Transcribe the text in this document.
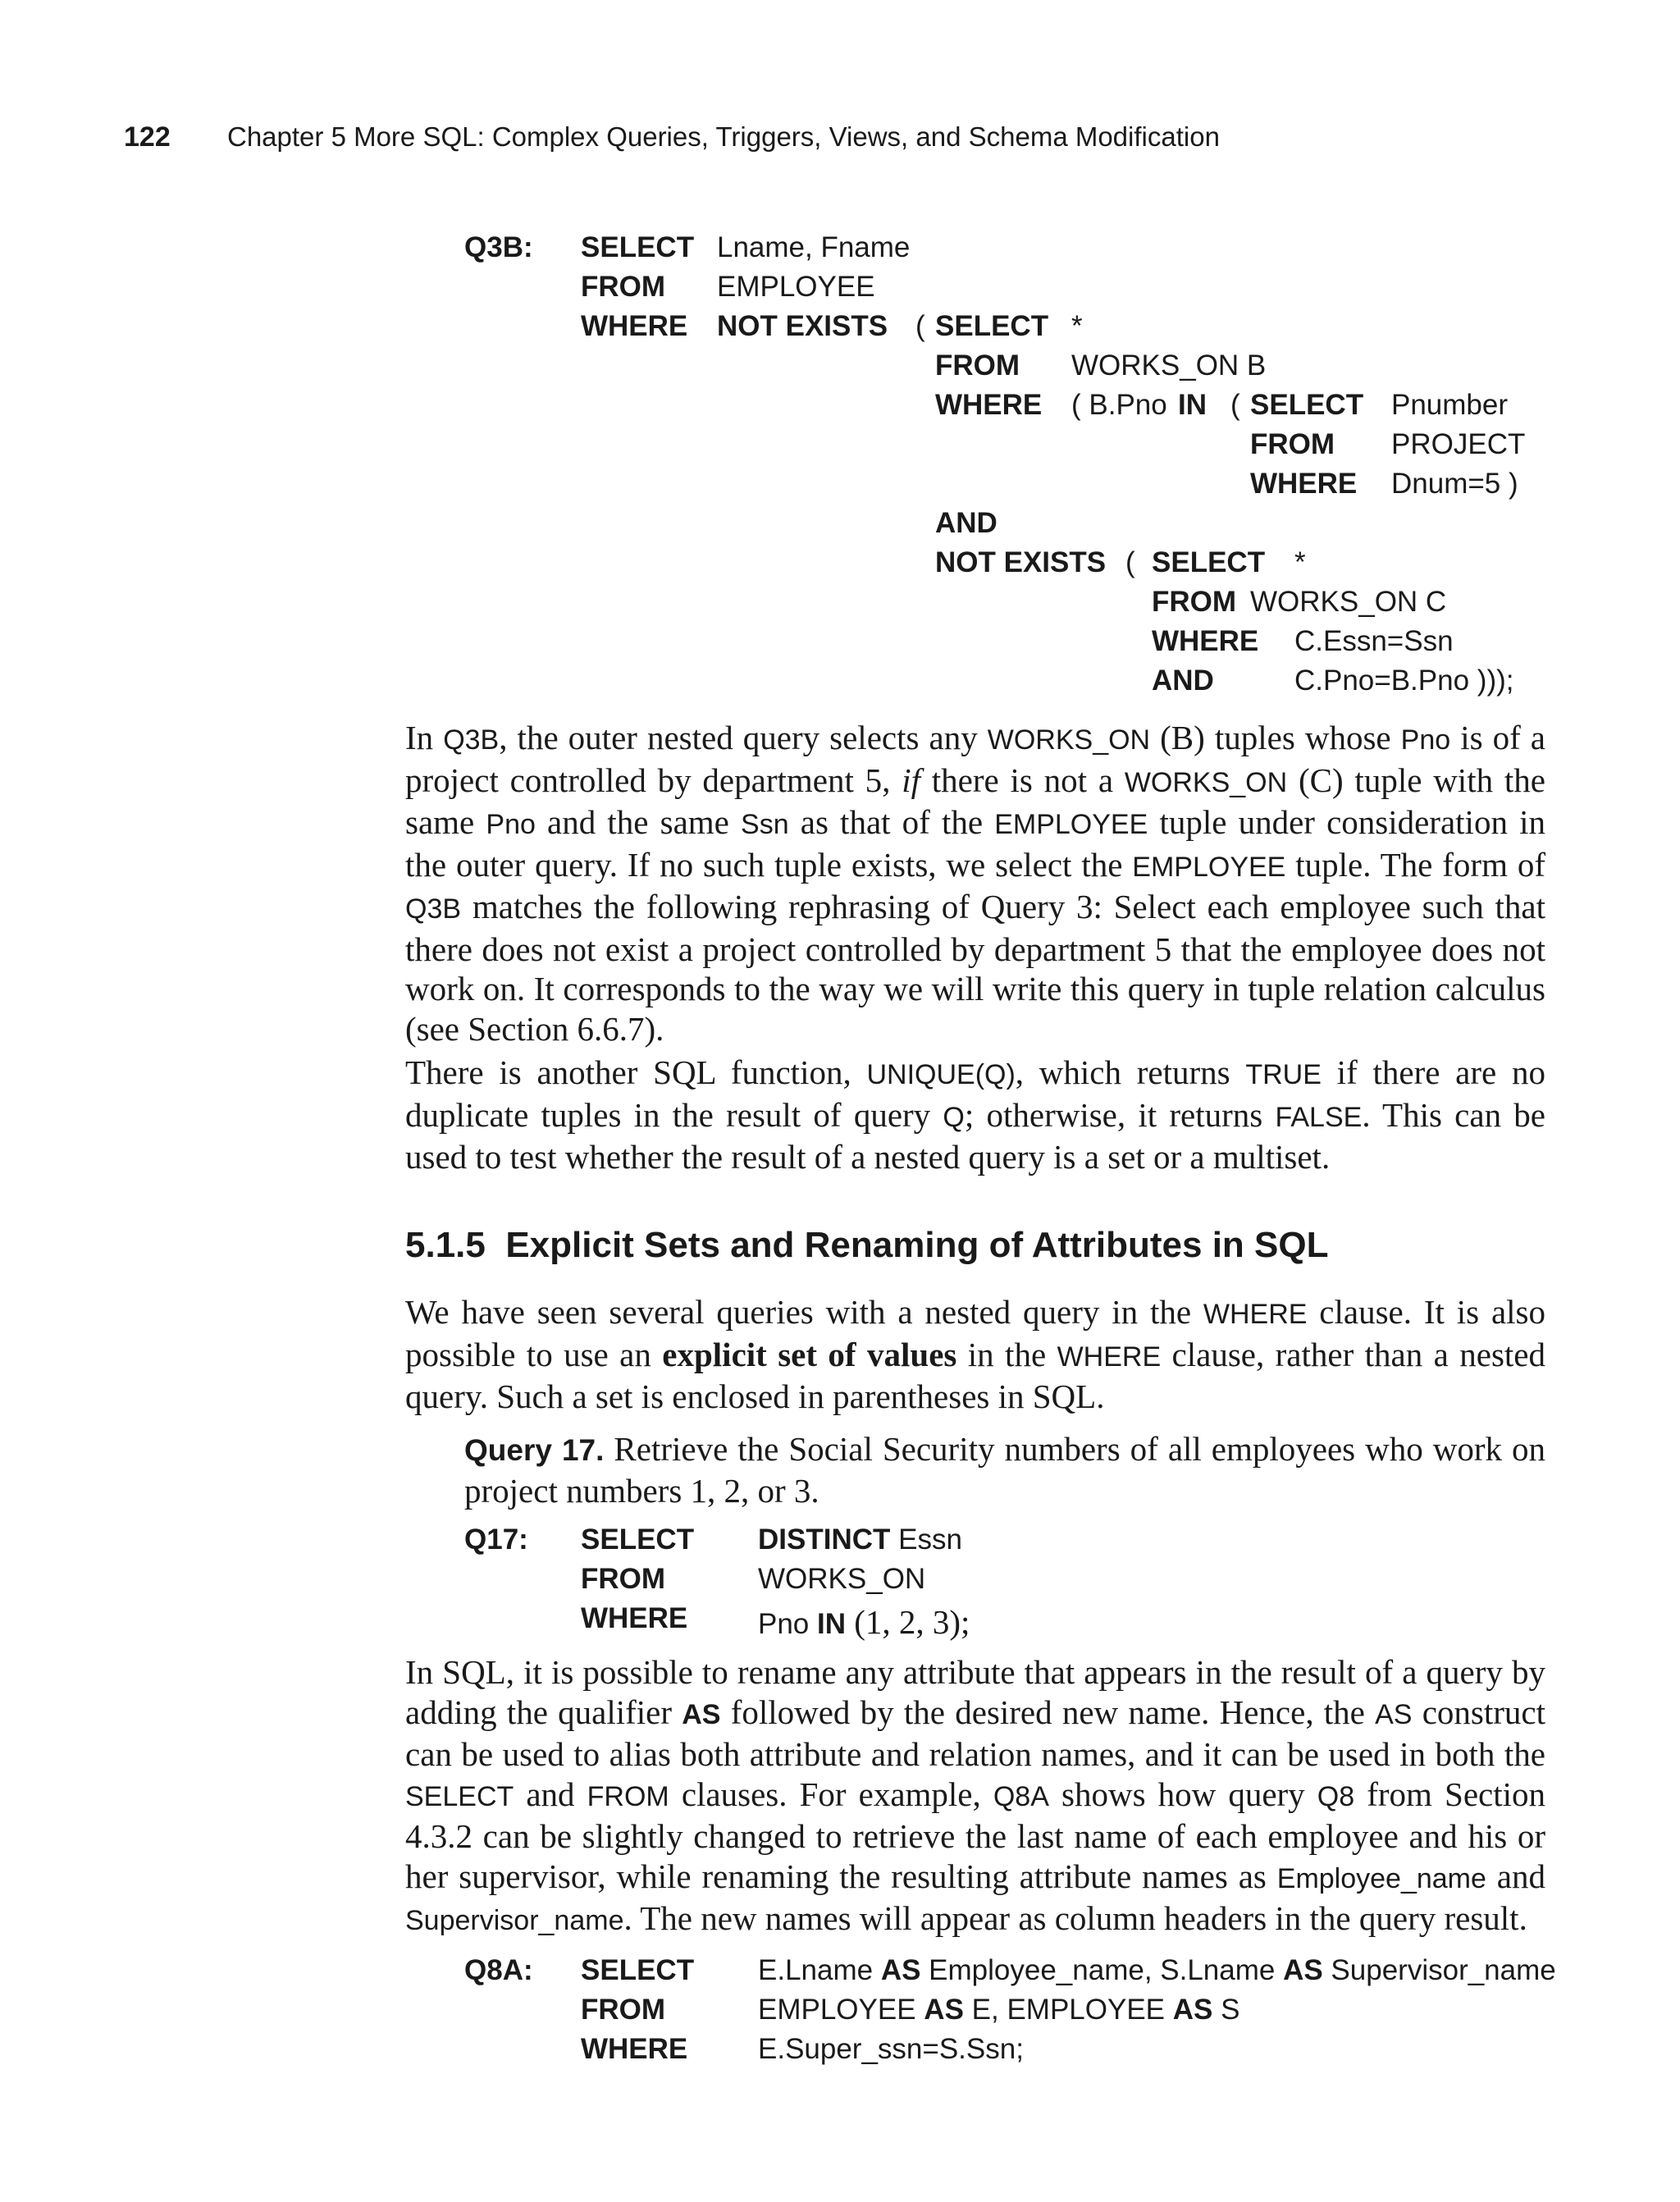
122 Chapter 5 More SQL: Complex Queries, Triggers, Views, and Schema Modification
Q3B: SELECT Lname, Fname
FROM EMPLOYEE
WHERE NOT EXISTS ( SELECT *
FROM WORKS_ON B
WHERE ( B.Pno IN ( SELECT Pnumber
FROM PROJECT
WHERE Dnum=5 )
AND
NOT EXISTS ( SELECT *
FROM WORKS_ON C
WHERE C.Essn=Ssn
AND	C.Pno=B.Pno )));
In Q3B, the outer nested query selects any WORKS_ON (B) tuples whose Pno is of a project controlled by department 5, if there is not a WORKS_ON (C) tuple with the same Pno and the same Ssn as that of the EMPLOYEE tuple under consideration in the outer query. If no such tuple exists, we select the EMPLOYEE tuple. The form of Q3B matches the following rephrasing of Query 3: Select each employee such that there does not exist a project controlled by department 5 that the employee does not work on. It corresponds to the way we will write this query in tuple relation calculus (see Section 6.6.7).
There is another SQL function, UNIQUE(Q), which returns TRUE if there are no duplicate tuples in the result of query Q; otherwise, it returns FALSE. This can be used to test whether the result of a nested query is a set or a multiset.
5.1.5 Explicit Sets and Renaming of Attributes in SQL
We have seen several queries with a nested query in the WHERE clause. It is also possible to use an explicit set of values in the WHERE clause, rather than a nested query. Such a set is enclosed in parentheses in SQL.
Query 17. Retrieve the Social Security numbers of all employees who work on project numbers 1, 2, or 3.
Q17: SELECT DISTINCT Essn
FROM	WORKS_ON
WHERE Pno IN (1, 2, 3);
In SQL, it is possible to rename any attribute that appears in the result of a query by adding the qualifier AS followed by the desired new name. Hence, the AS construct can be used to alias both attribute and relation names, and it can be used in both the SELECT and FROM clauses. For example, Q8A shows how query Q8 from Section 4.3.2 can be slightly changed to retrieve the last name of each employee and his or her supervisor, while renaming the resulting attribute names as Employee_name and Supervisor_name. The new names will appear as column headers in the query result.
Q8A: SELECT E.Lname AS Employee_name, S.Lname AS Supervisor_name
FROM	EMPLOYEE AS E, EMPLOYEE AS S
WHERE E.Super_ssn=S.Ssn;
